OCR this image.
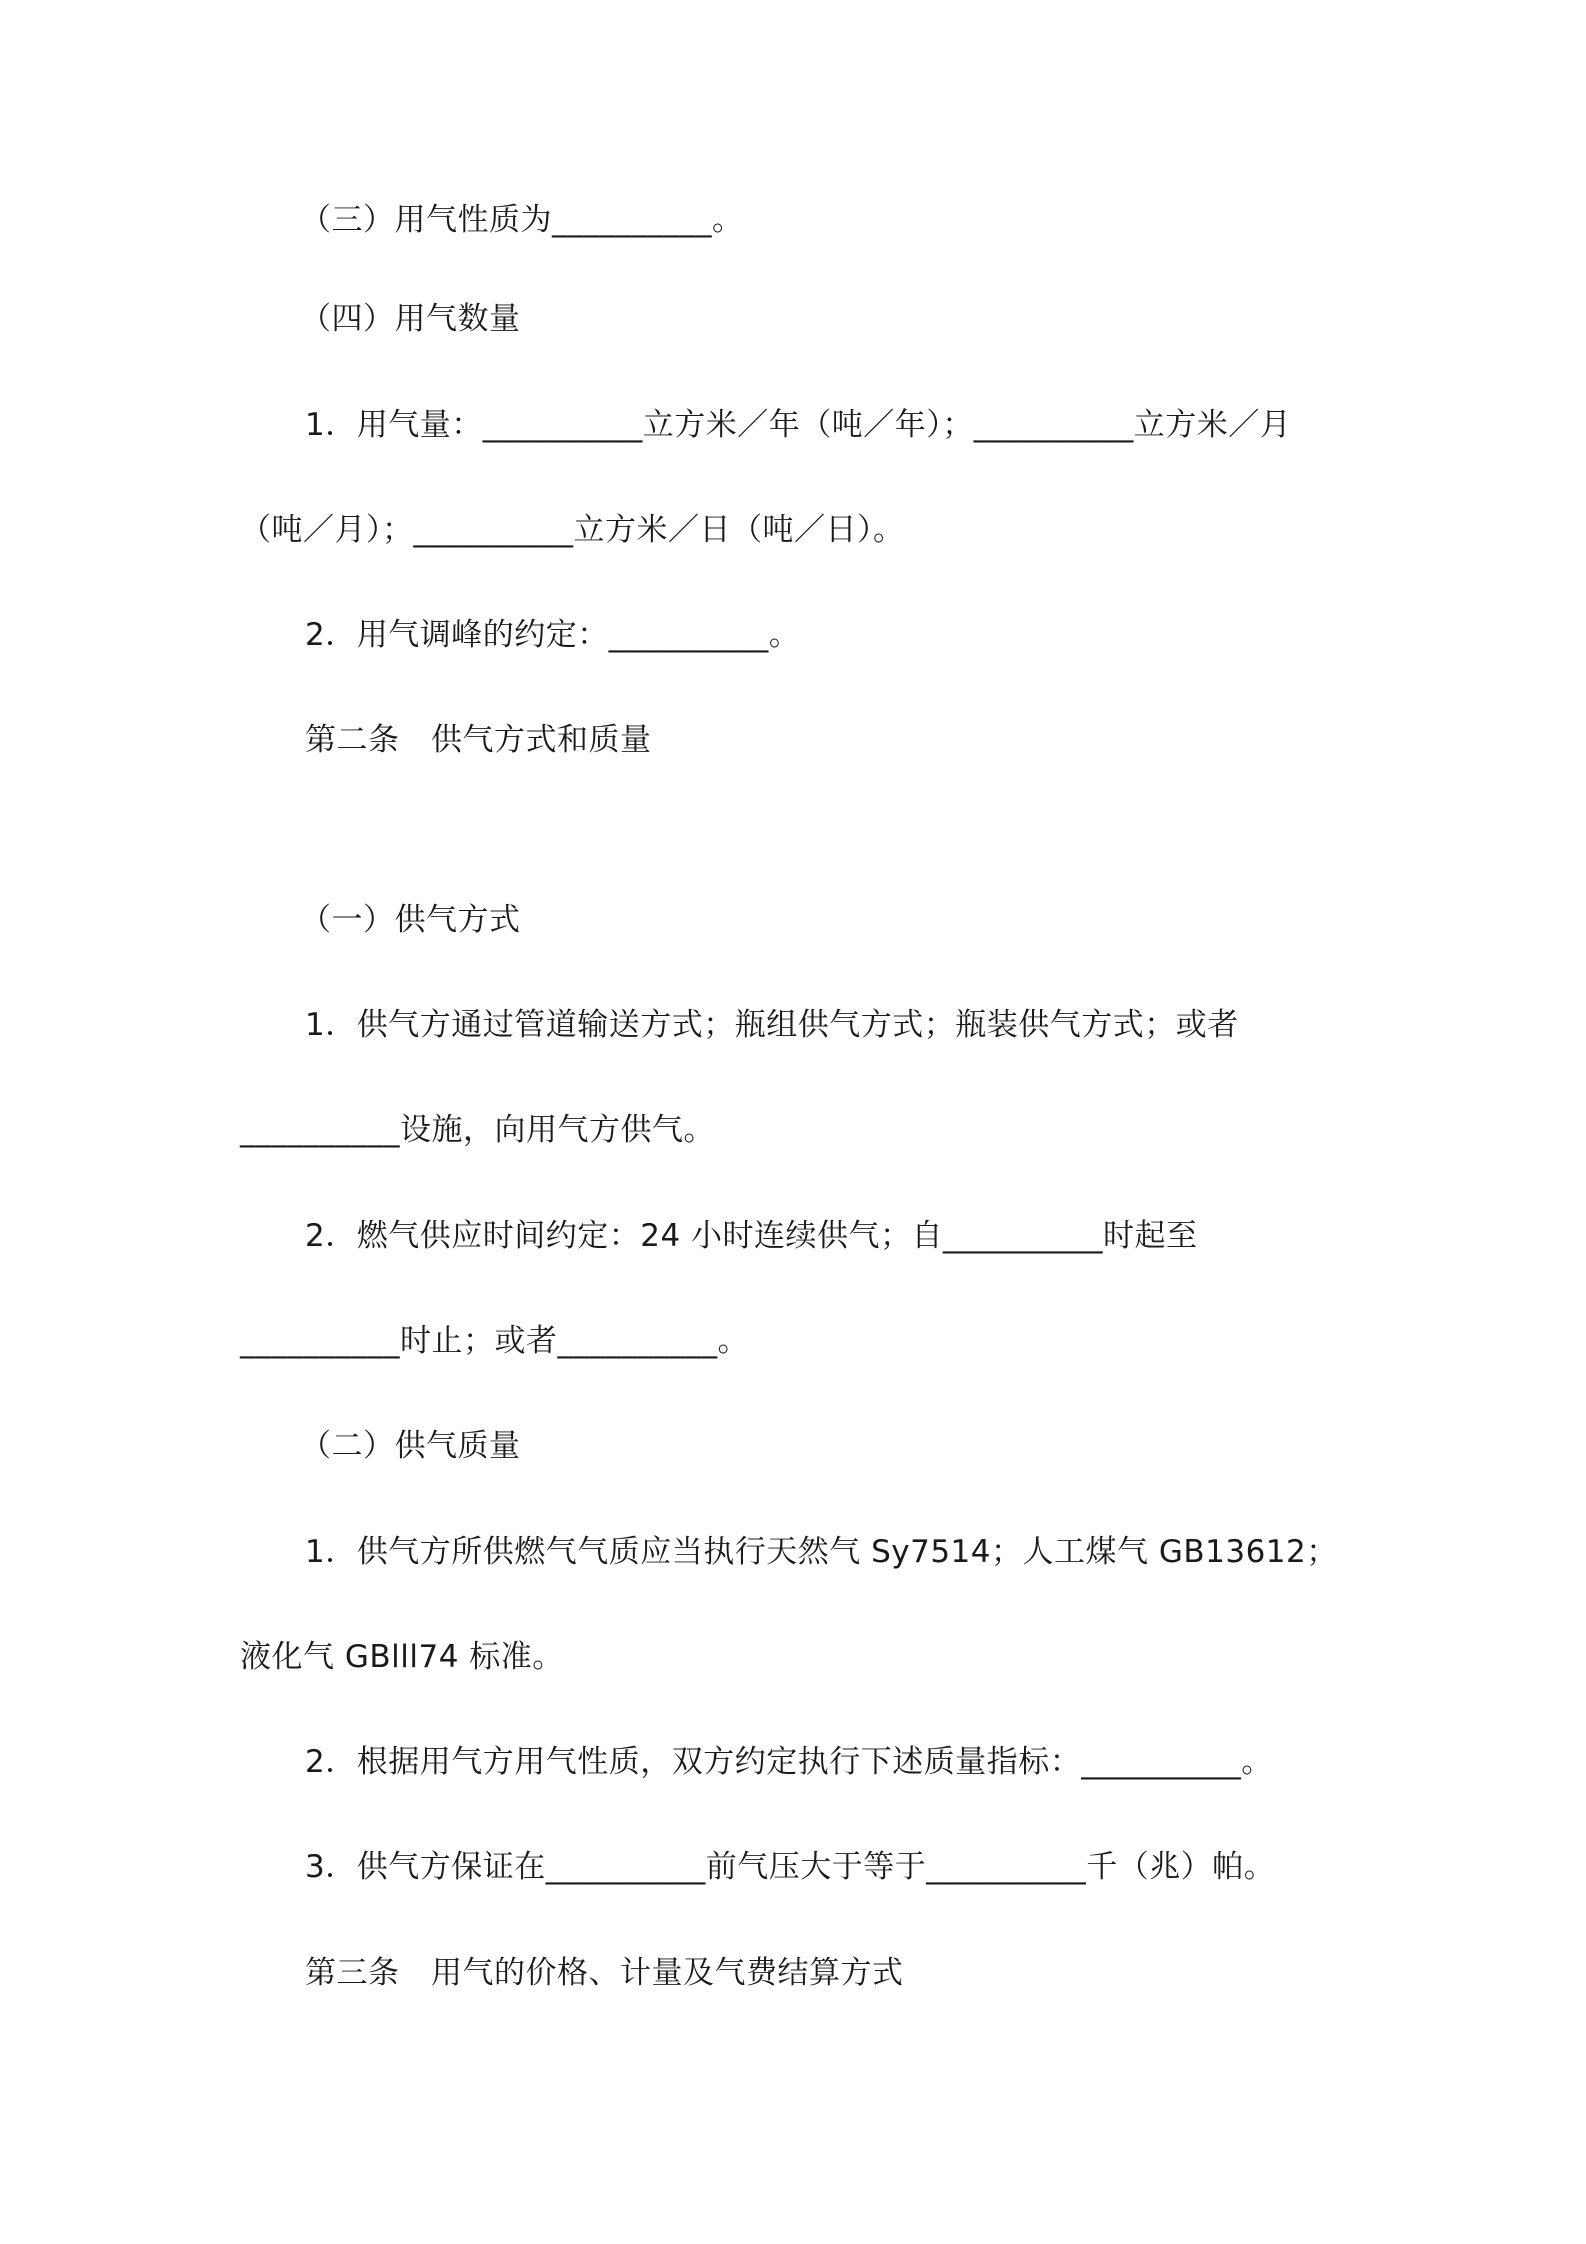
（三）用气性质为__________。
（四）用气数量
1．用气量：__________立方米／年（吨／年）；__________立方米／月
（吨／月）；__________立方米／日（吨／日）。
2．用气调峰的约定：__________。
第二条　供气方式和质量
（一）供气方式
1．供气方通过管道输送方式；瓶组供气方式；瓶装供气方式；或者
__________设施，向用气方供气。
2．燃气供应时间约定：24 小时连续供气；自__________时起至
__________时止；或者__________。
（二）供气质量
1．供气方所供燃气气质应当执行天然气 Sy7514；人工煤气 GB13612；
液化气 GBlll74 标准。
2．根据用气方用气性质，双方约定执行下述质量指标：__________。
3．供气方保证在__________前气压大于等于__________千（兆）帕。
第三条　用气的价格、计量及气费结算方式
